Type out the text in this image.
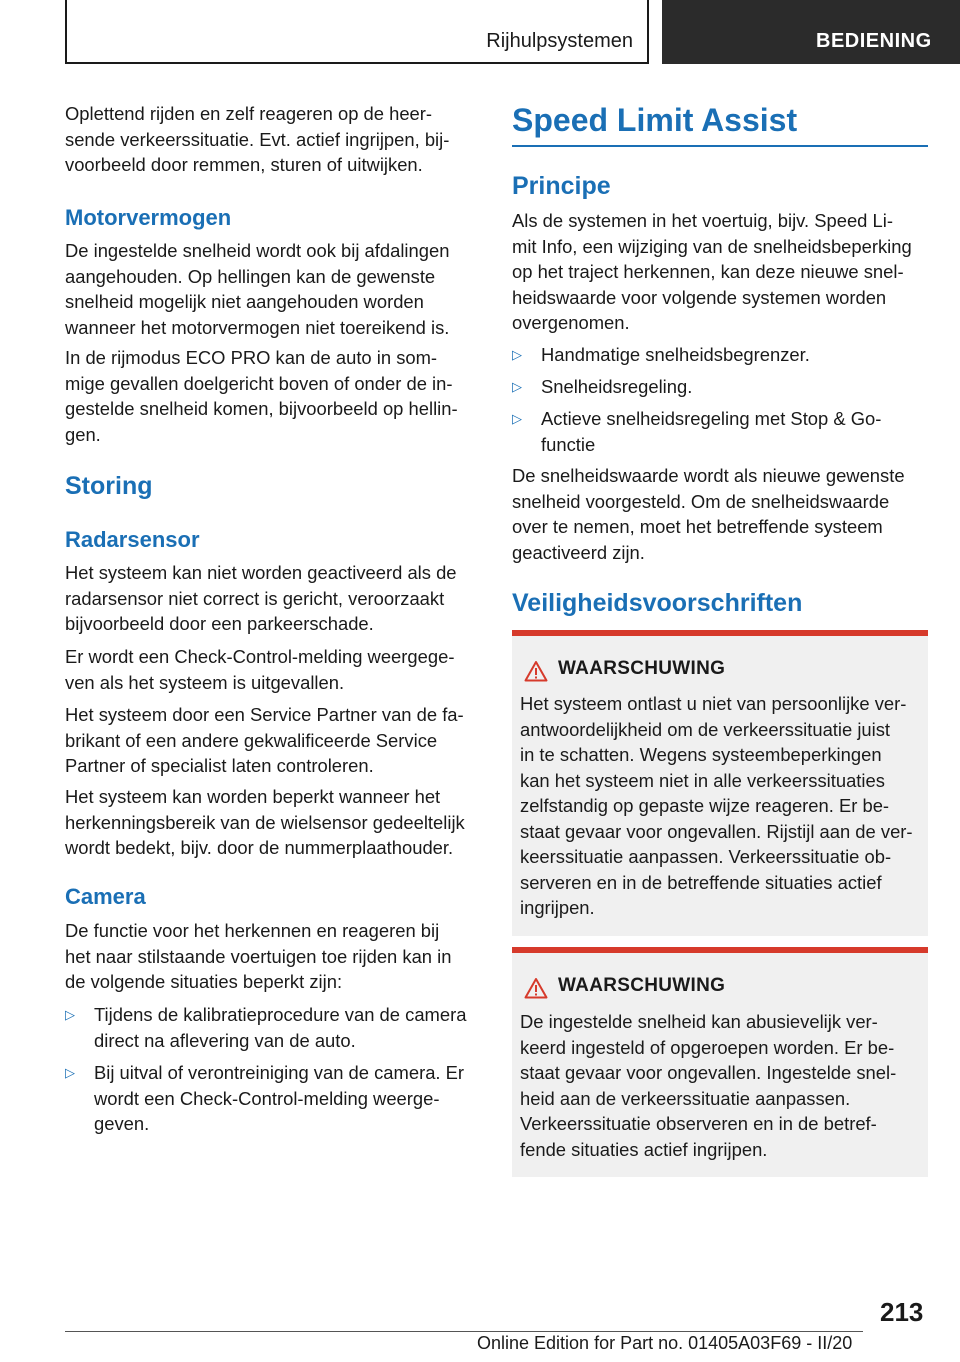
Rijhulpsystemen	BEDIENING

Oplettend rijden en zelf reageren op de heer-
sende verkeerssituatie. Evt. actief ingrijpen, bij-
voorbeeld door remmen, sturen of uitwijken.

Motorvermogen

De ingestelde snelheid wordt ook bij afdalingen
aangehouden. Op hellingen kan de gewenste
snelheid mogelijk niet aangehouden worden
wanneer het motorvermogen niet toereikend is.

In de rijmodus ECO PRO kan de auto in som-
mige gevallen doelgericht boven of onder de in-
gestelde snelheid komen, bijvoorbeeld op hellin-
gen.

Storing
Radarsensor

Het systeem kan niet worden geactiveerd als de
radarsensor niet correct is gericht, veroorzaakt
bijvoorbeeld door een parkeerschade.

Er wordt een Check-Control-melding weergege-
ven als het systeem is uitgevallen.

Het systeem door een Service Partner van de fa-
brikant of een andere gekwalificeerde Service
Partner of specialist laten controleren.

Het systeem kan worden beperkt wanneer het
herkenningsbereik van de wielsensor gedeeltelijk
wordt bedekt, bijv. door de nummerplaathouder.

Camera

De functie voor het herkennen en reageren bij
het naar stilstaande voertuigen toe rijden kan in
de volgende situaties beperkt zijn:

▷ Tijdens de kalibratieprocedure van de camera
direct na aflevering van de auto.
▷ Bij uitval of verontreiniging van de camera. Er
wordt een Check-Control-melding weerge-
geven.
Speed Limit Assist
Principe

Als de systemen in het voertuig, bijv. Speed Li-
mit Info, een wijziging van de snelheidsbeperking
op het traject herkennen, kan deze nieuwe snel-
heidswaarde voor volgende systemen worden
overgenomen.

▷ Handmatige snelheidsbegrenzer.
▷ Snelheidsregeling.
▷ Actieve snelheidsregeling met Stop & Go-
functie

De snelheidswaarde wordt als nieuwe gewenste
snelheid voorgesteld. Om de snelheidswaarde
over te nemen, moet het betreffende systeem
geactiveerd zijn.

Veiligheidsvoorschriften
WAARSCHUWING

Het systeem ontlast u niet van persoonlijke ver-
antwoordelijkheid om de verkeerssituatie juist
in te schatten. Wegens systeembeperkingen
kan het systeem niet in alle verkeerssituaties
zelfstandig op gepaste wijze reageren. Er be-
staat gevaar voor ongevallen. Rijstijl aan de ver-
keerssituatie aanpassen. Verkeerssituatie ob-
serveren en in de betreffende situaties actief
ingrijpen.

WAARSCHUWING

De ingestelde snelheid kan abusievelijk ver-
keerd ingesteld of opgeroepen worden. Er be-
staat gevaar voor ongevallen. Ingestelde snel-
heid aan de verkeerssituatie aanpassen.
Verkeerssituatie observeren en in de betref-
fende situaties actief ingrijpen.

213
Online Edition for Part no. 01405A03F69 - II/20
